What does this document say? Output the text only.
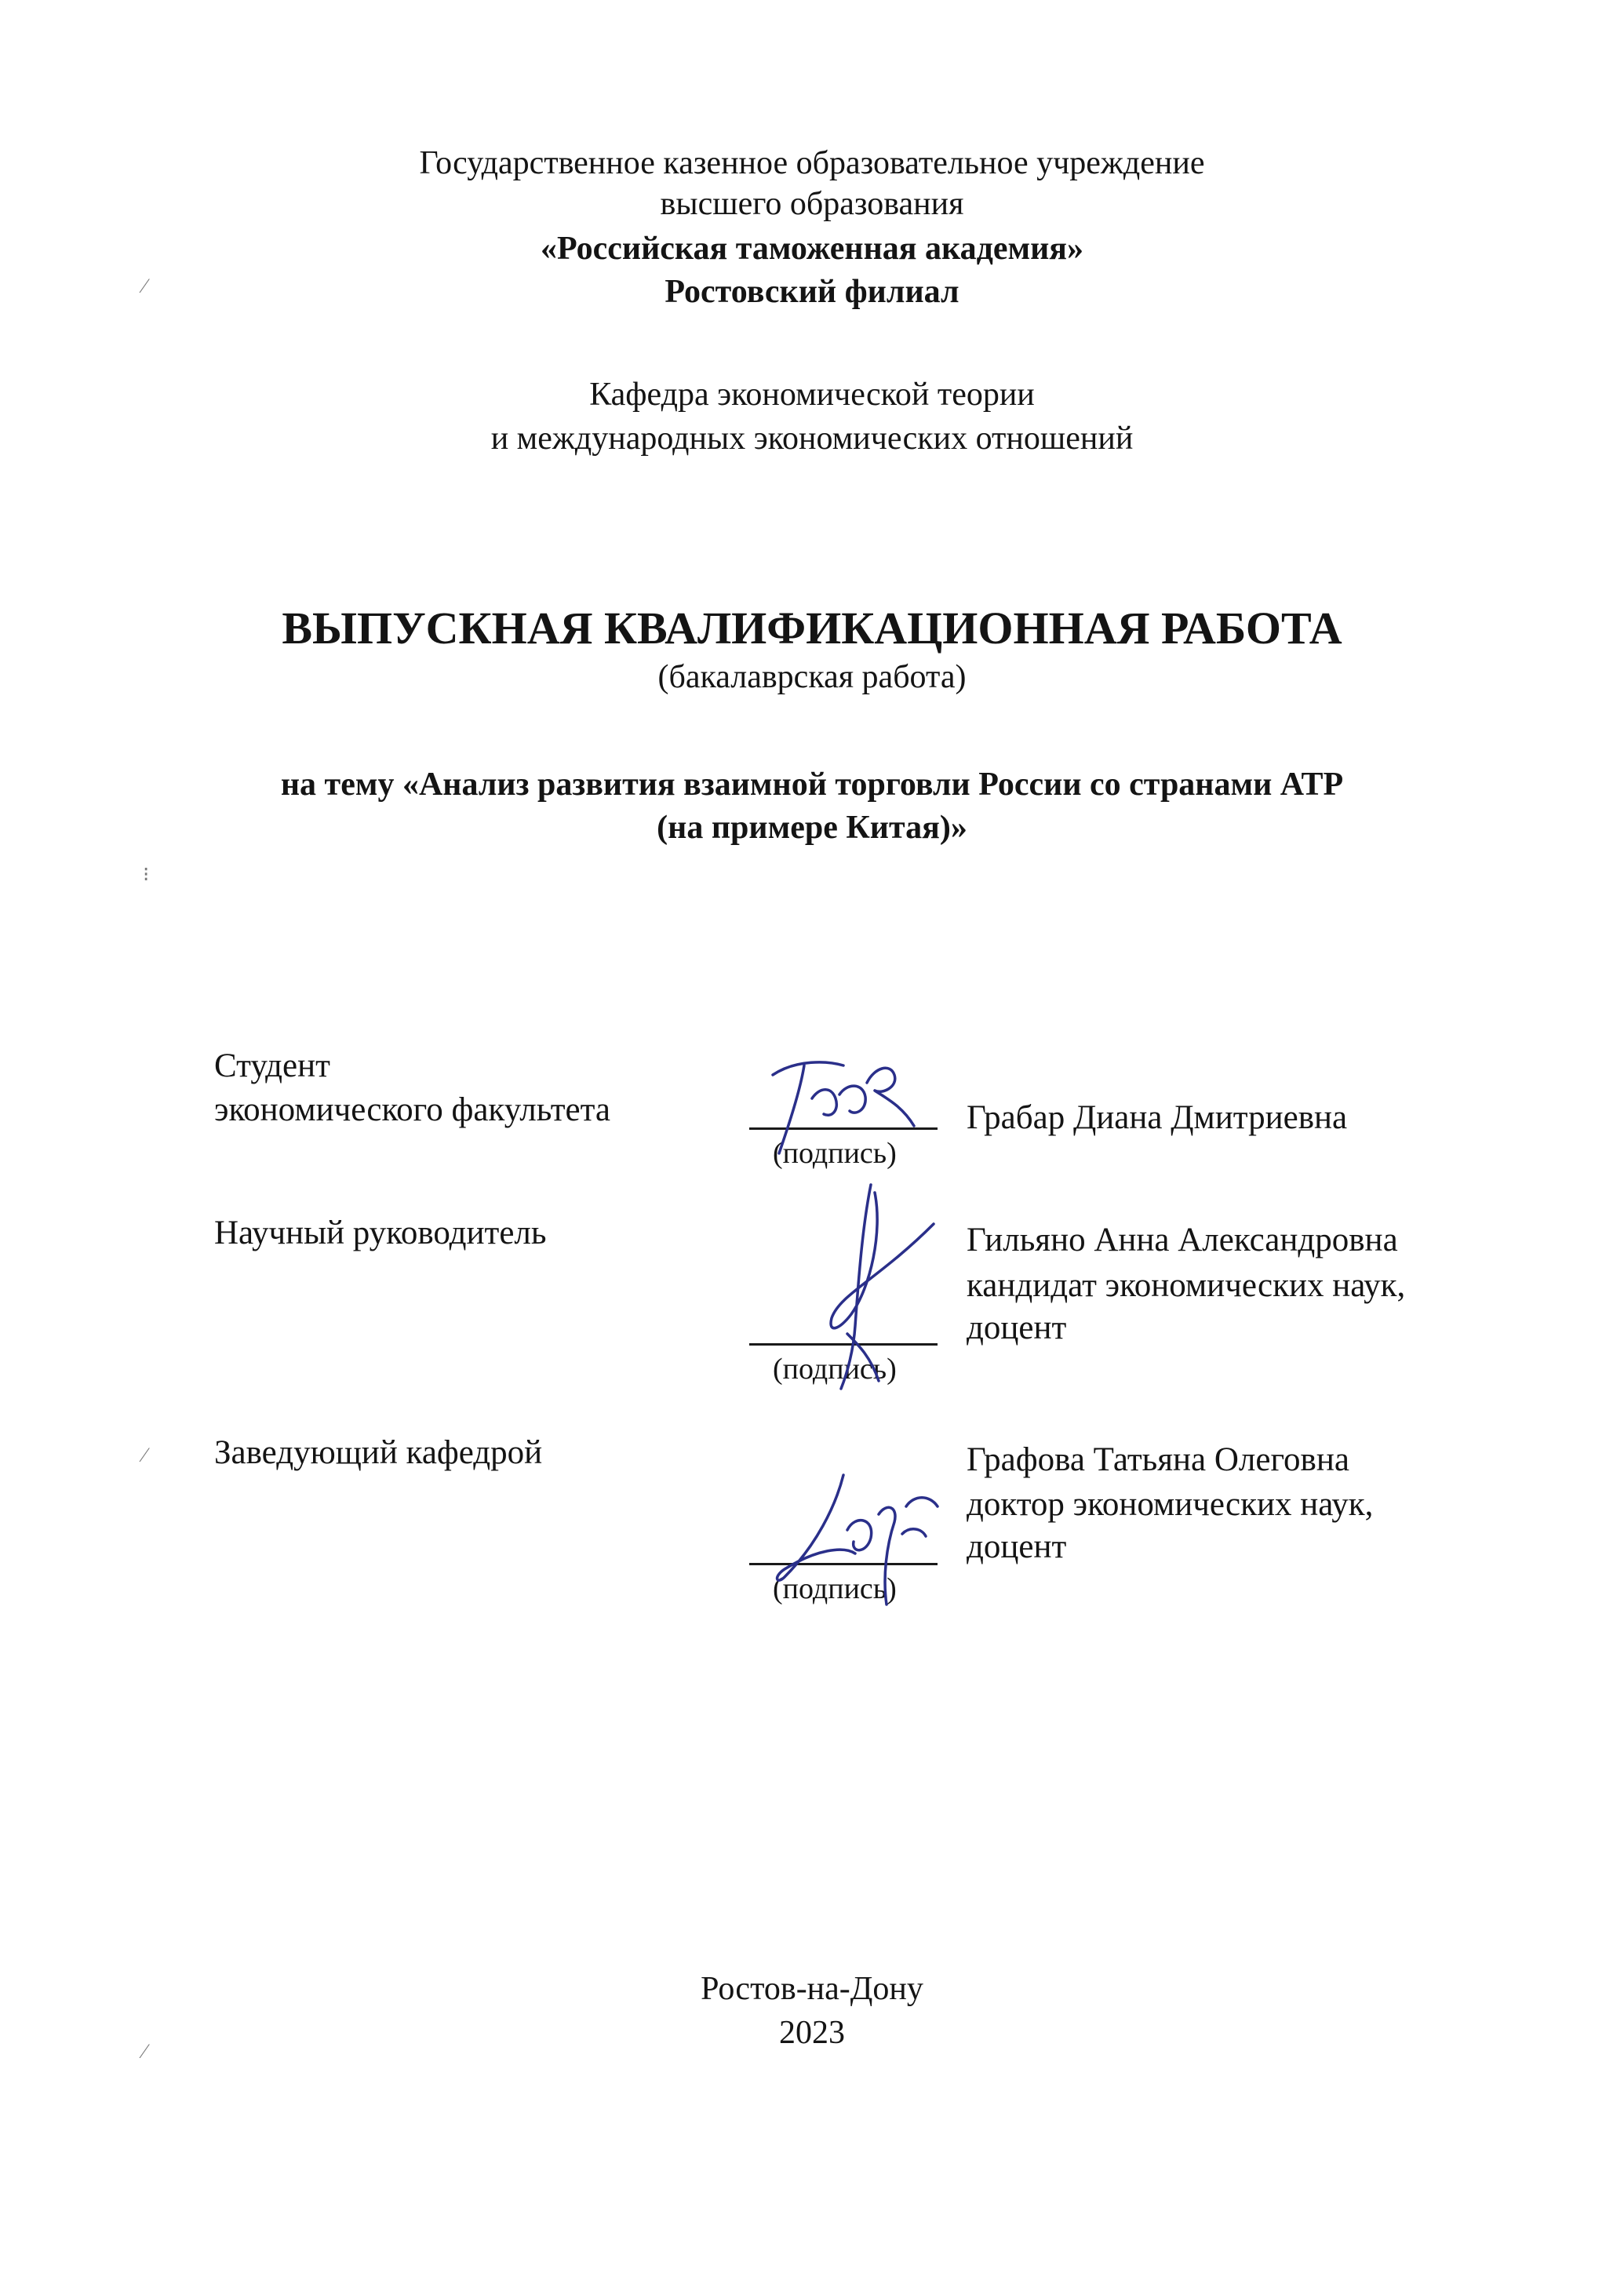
Государственное казенное образовательное учреждение
высшего образования
«Российская таможенная академия»
Ростовский филиал
Кафедра экономической теории
и международных экономических отношений
ВЫПУСКНАЯ КВАЛИФИКАЦИОННАЯ РАБОТА
(бакалаврская работа)
на тему «Анализ развития взаимной торговли России со странами АТР
(на примере Китая)»
Студент
экономического факультета
(подпись)
Грабар Диана Дмитриевна
Научный руководитель
(подпись)
Гильяно Анна Александровна
кандидат экономических наук,
доцент
Заведующий кафедрой
(подпись)
Графова Татьяна Олеговна
доктор экономических наук,
доцент
Ростов-на-Дону
2023
⁄
⁝
⁄
⁄
